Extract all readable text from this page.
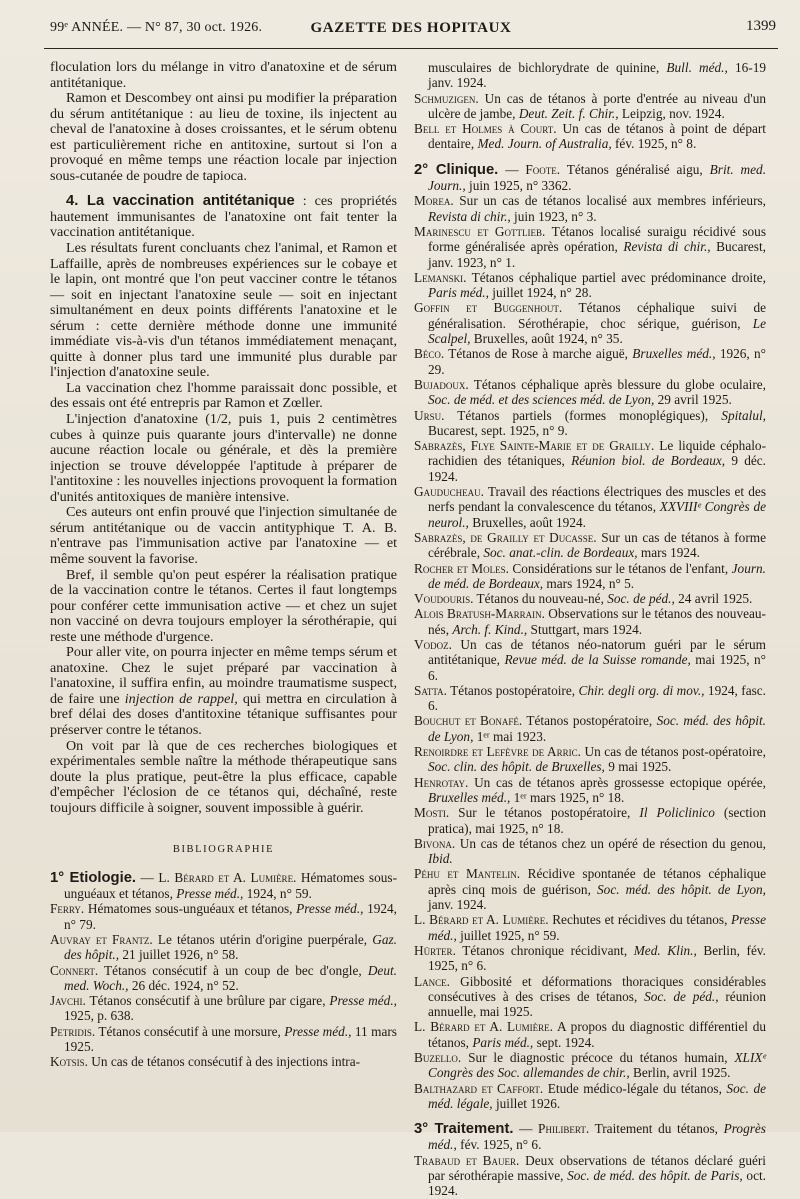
99ᵉ ANNÉE. — N° 87, 30 oct. 1926.	GAZETTE DES HOPITAUX	1399

floculation lors du mélange in vitro d'anatoxine et de sérum antitétanique.

Ramon et Descombey ont ainsi pu modifier la préparation du sérum antitétanique : au lieu de toxine, ils injectent au cheval de l'anatoxine à doses croissantes, et le sérum obtenu est particulièrement riche en antitoxine, surtout si l'on a provoqué en même temps une réaction locale par injection sous-cutanée de poudre de tapioca.

4. La vaccination antitétanique : ces propriétés hautement immunisantes de l'anatoxine ont fait tenter la vaccination antitétanique.

Les résultats furent concluants chez l'animal, et Ramon et Laffaille, après de nombreuses expériences sur le cobaye et le lapin, ont montré que l'on peut vacciner contre le tétanos — soit en injectant l'anatoxine seule — soit en injectant simultanément en deux points différents l'anatoxine et le sérum : cette dernière méthode donne une immunité immédiate vis-à-vis d'un tétanos immédiatement menaçant, quitte à donner plus tard une immunité plus durable par l'injection d'anatoxine seule.

La vaccination chez l'homme paraissait donc possible, et des essais ont été entrepris par Ramon et Zœller.

L'injection d'anatoxine (1/2, puis 1, puis 2 centimètres cubes à quinze puis quarante jours d'intervalle) ne donne aucune réaction locale ou générale, et dès la première injection se trouve développée l'aptitude à préparer de l'antitoxine : les nouvelles injections provoquent la formation d'unités antitoxiques de manière intensive.

Ces auteurs ont enfin prouvé que l'injection simultanée de sérum antitétanique ou de vaccin antityphique T. A. B. n'entrave pas l'immunisation active par l'anatoxine — et même souvent la favorise.

Bref, il semble qu'on peut espérer la réalisation pratique de la vaccination contre le tétanos. Certes il faut longtemps pour conférer cette immunisation active — et chez un sujet non vacciné on devra toujours employer la sérothérapie, qui reste une méthode d'urgence.

Pour aller vite, on pourra injecter en même temps sérum et anatoxine. Chez le sujet préparé par vaccination à l'anatoxine, il suffira enfin, au moindre traumatisme suspect, de faire une injection de rappel, qui mettra en circulation à bref délai des doses d'antitoxine tétanique suffisantes pour préserver contre le tétanos.

On voit par là que de ces recherches biologiques et expérimentales semble naître la méthode thérapeutique sans doute la plus pratique, peut-être la plus efficace, capable d'empêcher l'éclosion de ce tétanos qui, déchaîné, reste toujours difficile à soigner, souvent impossible à guérir.

BIBLIOGRAPHIE

1° Etiologie. — L. Bérard et A. Lumière. Hématomes sous-unguéaux et tétanos, Presse méd., 1924, n° 59.

Ferry. Hématomes sous-unguéaux et tétanos, Presse méd., 1924, n° 79.

Auvray et Frantz. Le tétanos utérin d'origine puerpérale, Gaz. des hôpit., 21 juillet 1926, n° 58.

Connert. Tétanos consécutif à un coup de bec d'ongle, Deut. med. Woch., 26 déc. 1924, n° 52.

Javchi. Tétanos consécutif à une brûlure par cigare, Presse méd., 1925, p. 638.

Petridis. Tétanos consécutif à une morsure, Presse méd., 11 mars 1925.

Kotsis. Un cas de tétanos consécutif à des injections intra-

musculaires de bichlorydrate de quinine, Bull. méd., 16-19 janv. 1924.

Schmuzigen. Un cas de tétanos à porte d'entrée au niveau d'un ulcère de jambe, Deut. Zeit. f. Chir., Leipzig, nov. 1924.

Bell et Holmes à Court. Un cas de tétanos à point de départ dentaire, Med. Journ. of Australia, fév. 1925, n° 8.

2° Clinique. — Foote. Tétanos généralisé aigu, Brit. med. Journ., juin 1925, n° 3362.

Morea. Sur un cas de tétanos localisé aux membres inférieurs, Revista di chir., juin 1923, n° 3.

Marinescu et Gottlieb. Tétanos localisé suraigu récidivé sous forme généralisée après opération, Revista di chir., Bucarest, janv. 1923, n° 1.

Lemanski. Tétanos céphalique partiel avec prédominance droite, Paris méd., juillet 1924, n° 28.

Goffin et Buggenhout. Tétanos céphalique suivi de généralisation. Sérothérapie, choc sérique, guérison, Le Scalpel, Bruxelles, août 1924, n° 35.

Béco. Tétanos de Rose à marche aiguë, Bruxelles méd., 1926, n° 29.

Bujadoux. Tétanos céphalique après blessure du globe oculaire, Soc. de méd. et des sciences méd. de Lyon, 29 avril 1925.

Ursu. Tétanos partiels (formes monoplégiques), Spitalul, Bucarest, sept. 1925, n° 9.

Sabrazès, Flye Sainte-Marie et de Grailly. Le liquide céphalo-rachidien des tétaniques, Réunion biol. de Bordeaux, 9 déc. 1924.

Gauducheau. Travail des réactions électriques des muscles et des nerfs pendant la convalescence du tétanos, XXVIIIᵉ Congrès de neurol., Bruxelles, août 1924.

Sabrazès, de Grailly et Ducasse. Sur un cas de tétanos à forme cérébrale, Soc. anat.-clin. de Bordeaux, mars 1924.

Rocher et Moles. Considérations sur le tétanos de l'enfant, Journ. de méd. de Bordeaux, mars 1924, n° 5.

Voudouris. Tétanos du nouveau-né, Soc. de péd., 24 avril 1925.

Alois Bratush-Marrain. Observations sur le tétanos des nouveau-nés, Arch. f. Kind., Stuttgart, mars 1924.

Vodoz. Un cas de tétanos néo-natorum guéri par le sérum antitétanique, Revue méd. de la Suisse romande, mai 1925, n° 6.

Satta. Tétanos postopératoire, Chir. degli org. di mov., 1924, fasc. 6.

Bouchut et Bonafé. Tétanos postopératoire, Soc. méd. des hôpit. de Lyon, 1ᵉʳ mai 1923.

Renoirdre et Lefèvre de Arric. Un cas de tétanos post-opératoire, Soc. clin. des hôpit. de Bruxelles, 9 mai 1925.

Henrotay. Un cas de tétanos après grossesse ectopique opérée, Bruxelles méd., 1ᵉʳ mars 1925, n° 18.

Mosti. Sur le tétanos postopératoire, Il Policlinico (section pratica), mai 1925, n° 18.

Bivona. Un cas de tétanos chez un opéré de résection du genou, Ibid.

Péhu et Mantelin. Récidive spontanée de tétanos céphalique après cinq mois de guérison, Soc. méd. des hôpit. de Lyon, janv. 1924.

L. Bérard et A. Lumière. Rechutes et récidives du tétanos, Presse méd., juillet 1925, n° 59.

Hürter. Tétanos chronique récidivant, Med. Klin., Berlin, fév. 1925, n° 6.

Lance. Gibbosité et déformations thoraciques considérables consécutives à des crises de tétanos, Soc. de péd., réunion annuelle, mai 1925.

L. Bérard et A. Lumière. A propos du diagnostic différentiel du tétanos, Paris méd., sept. 1924.

Buzello. Sur le diagnostic précoce du tétanos humain, XLIXᵉ Congrès des Soc. allemandes de chir., Berlin, avril 1925.

Balthazard et Caffort. Etude médico-légale du tétanos, Soc. de méd. légale, juillet 1926.

3° Traitement. — Philibert. Traitement du tétanos, Progrès méd., fév. 1925, n° 6.

Trabaud et Bauer. Deux observations de tétanos déclaré guéri par sérothérapie massive, Soc. de méd. des hôpit. de Paris, oct. 1924.
